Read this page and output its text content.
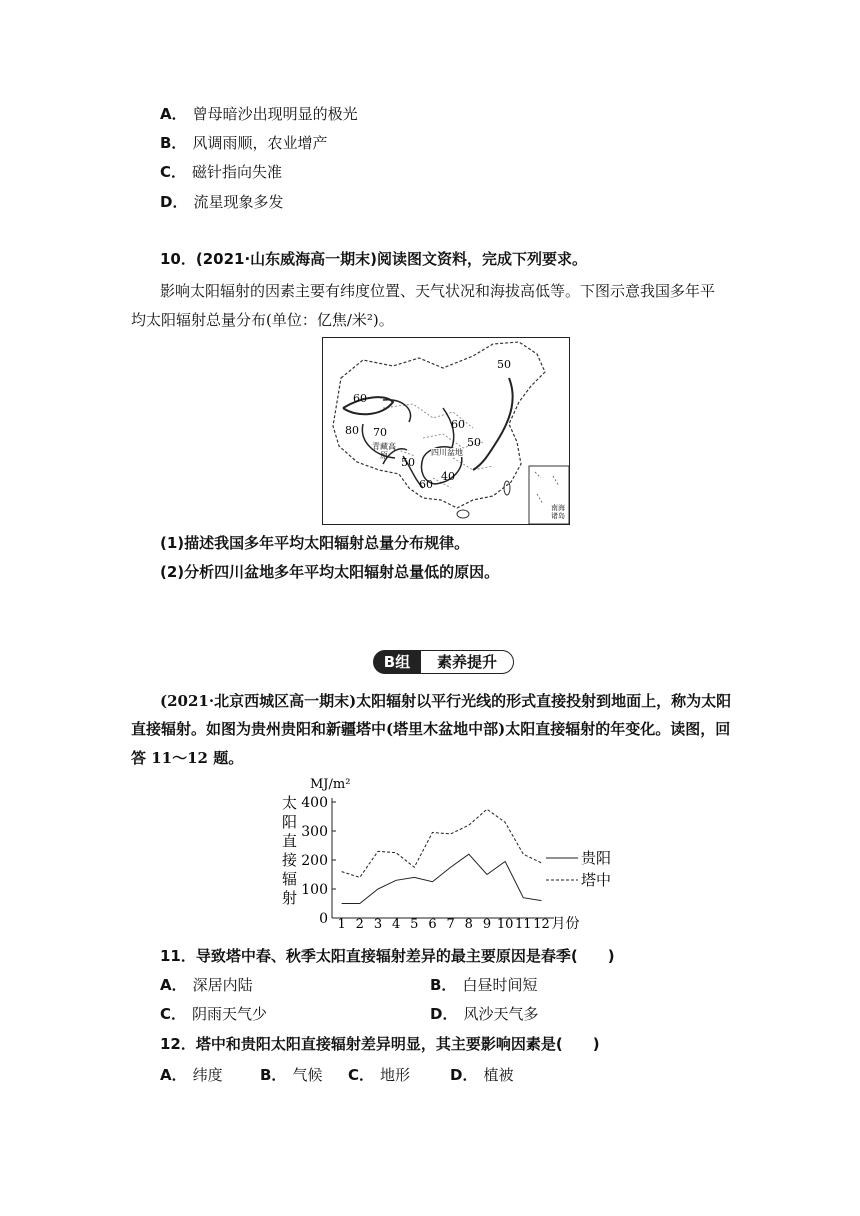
A． 曾母暗沙出现明显的极光
B． 风调雨顺，农业增产
C． 磁针指向失准
D． 流星现象多发
10．(2021·山东威海高一期末)阅读图文资料，完成下列要求。
影响太阳辐射的因素主要有纬度位置、天气状况和海拔高低等。下图示意我国多年平
均太阳辐射总量分布(单位：亿焦/米²)。
50
60
70
80	60
50
50
60
40
青藏高原	四川盆地
南海诸岛
(1)描述我国多年平均太阳辐射总量分布规律。
(2)分析四川盆地多年平均太阳辐射总量低的原因。
B组	素养提升
(2021·北京西城区高一期末)太阳辐射以平行光线的形式直接投射到地面上，称为太阳
直接辐射。如图为贵州贵阳和新疆塔中(塔里木盆地中部)太阳直接辐射的年变化。读图，回
答 11～12 题。
MJ/m²
太
阳
直
接
辐
射
0
100
200
300
400
1 2 3 4 5 6 7 8 9 10 11 12 月份
贵阳
塔中
11．导致塔中春、秋季太阳直接辐射差异的最主要原因是春季(　　)
A． 深居内陆	B． 白昼时间短
C． 阴雨天气少	D． 风沙天气多
12．塔中和贵阳太阳直接辐射差异明显，其主要影响因素是(　　)
A． 纬度 B． 气候 C． 地形	D． 植被
